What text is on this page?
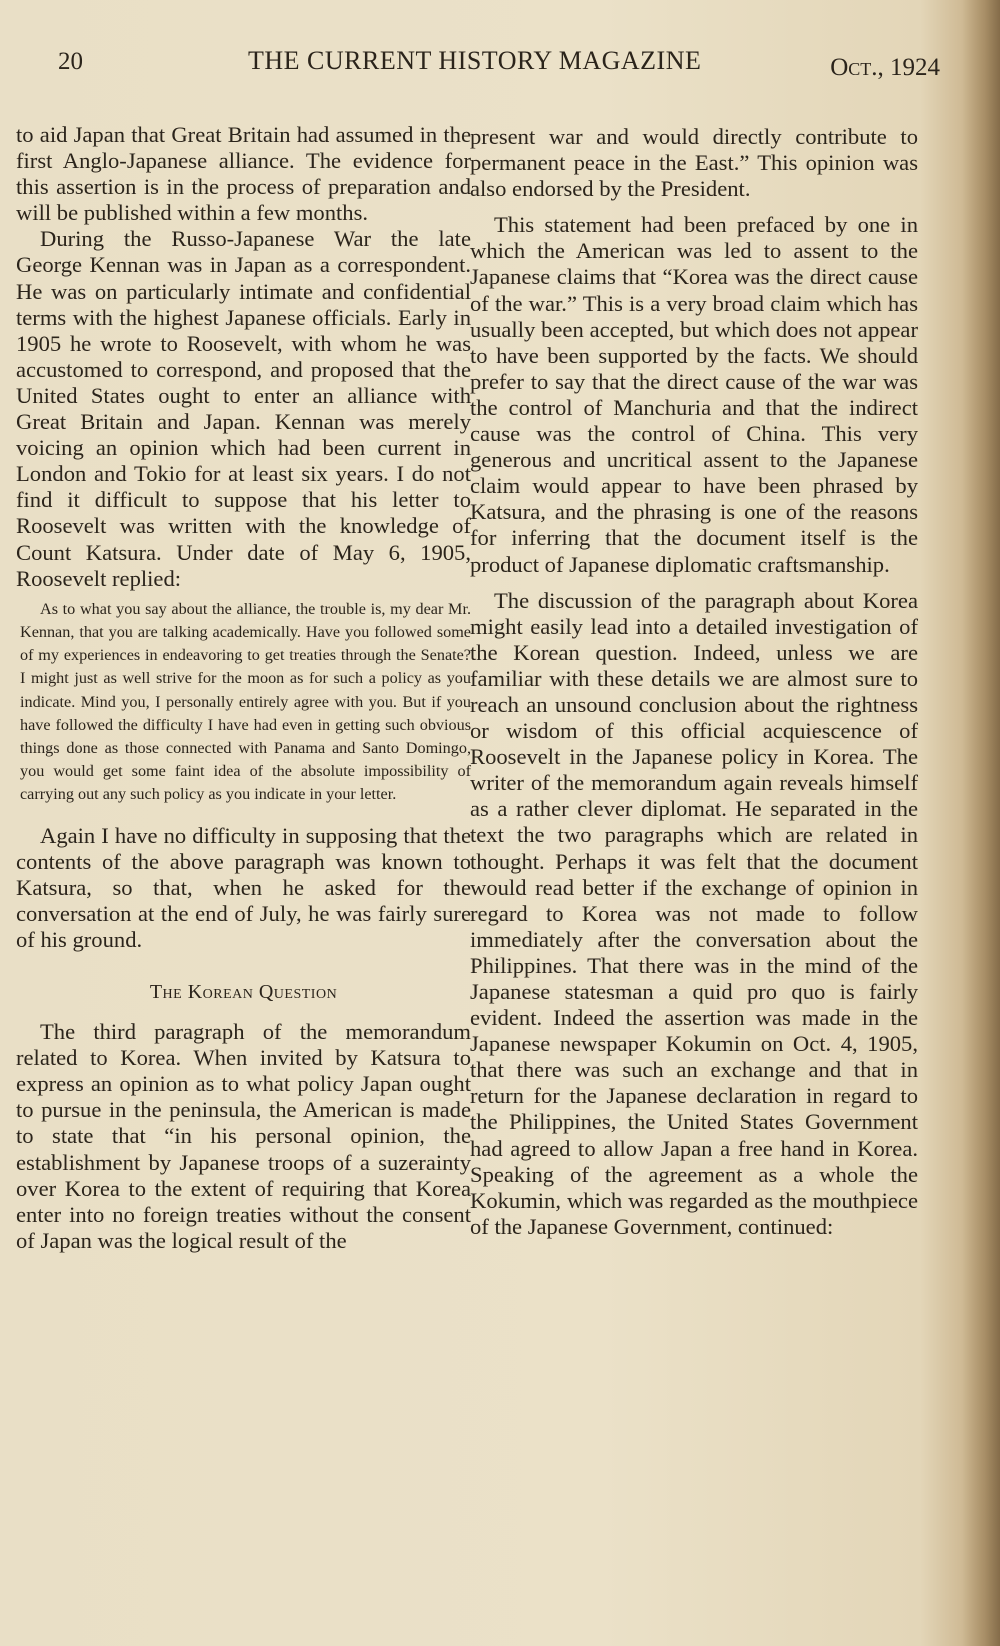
20	THE CURRENT HISTORY MAGAZINE	Oct., 1924

to aid Japan that Great Britain had assumed in the first Anglo-Japanese alliance. The evidence for this assertion is in the process of preparation and will be published within a few months.

During the Russo-Japanese War the late George Kennan was in Japan as a correspondent. He was on particularly intimate and confidential terms with the highest Japanese officials. Early in 1905 he wrote to Roosevelt, with whom he was accustomed to correspond, and proposed that the United States ought to enter an alliance with Great Britain and Japan. Kennan was merely voicing an opinion which had been current in London and Tokio for at least six years. I do not find it difficult to suppose that his letter to Roosevelt was written with the knowledge of Count Katsura. Under date of May 6, 1905, Roosevelt replied:

As to what you say about the alliance, the trouble is, my dear Mr. Kennan, that you are talking academically. Have you followed some of my experiences in endeavoring to get treaties through the Senate? I might just as well strive for the moon as for such a policy as you indicate. Mind you, I personally entirely agree with you. But if you have followed the difficulty I have had even in getting such obvious things done as those connected with Panama and Santo Domingo, you would get some faint idea of the absolute impossibility of carrying out any such policy as you indicate in your letter.

Again I have no difficulty in supposing that the contents of the above paragraph was known to Katsura, so that, when he asked for the conversation at the end of July, he was fairly sure of his ground.

The Korean Question

The third paragraph of the memorandum related to Korea. When invited by Katsura to express an opinion as to what policy Japan ought to pursue in the peninsula, the American is made to state that “in his personal opinion, the establishment by Japanese troops of a suzerainty over Korea to the extent of requiring that Korea enter into no foreign treaties without the consent of Japan was the logical result of the

present war and would directly contribute to permanent peace in the East.” This opinion was also endorsed by the President.

This statement had been prefaced by one in which the American was led to assent to the Japanese claims that “Korea was the direct cause of the war.” This is a very broad claim which has usually been accepted, but which does not appear to have been supported by the facts. We should prefer to say that the direct cause of the war was the control of Manchuria and that the indirect cause was the control of China. This very generous and uncritical assent to the Japanese claim would appear to have been phrased by Katsura, and the phrasing is one of the reasons for inferring that the document itself is the product of Japanese diplomatic craftsmanship.

The discussion of the paragraph about Korea might easily lead into a detailed investigation of the Korean question. Indeed, unless we are familiar with these details we are almost sure to reach an unsound conclusion about the rightness or wisdom of this official acquiescence of Roosevelt in the Japanese policy in Korea. The writer of the memorandum again reveals himself as a rather clever diplomat. He separated in the text the two paragraphs which are related in thought. Perhaps it was felt that the document would read better if the exchange of opinion in regard to Korea was not made to follow immediately after the conversation about the Philippines. That there was in the mind of the Japanese statesman a quid pro quo is fairly evident. Indeed the assertion was made in the Japanese newspaper Kokumin on Oct. 4, 1905, that there was such an exchange and that in return for the Japanese declaration in regard to the Philippines, the United States Government had agreed to allow Japan a free hand in Korea. Speaking of the agreement as a whole the Kokumin, which was regarded as the mouthpiece of the Japanese Government, continued:
